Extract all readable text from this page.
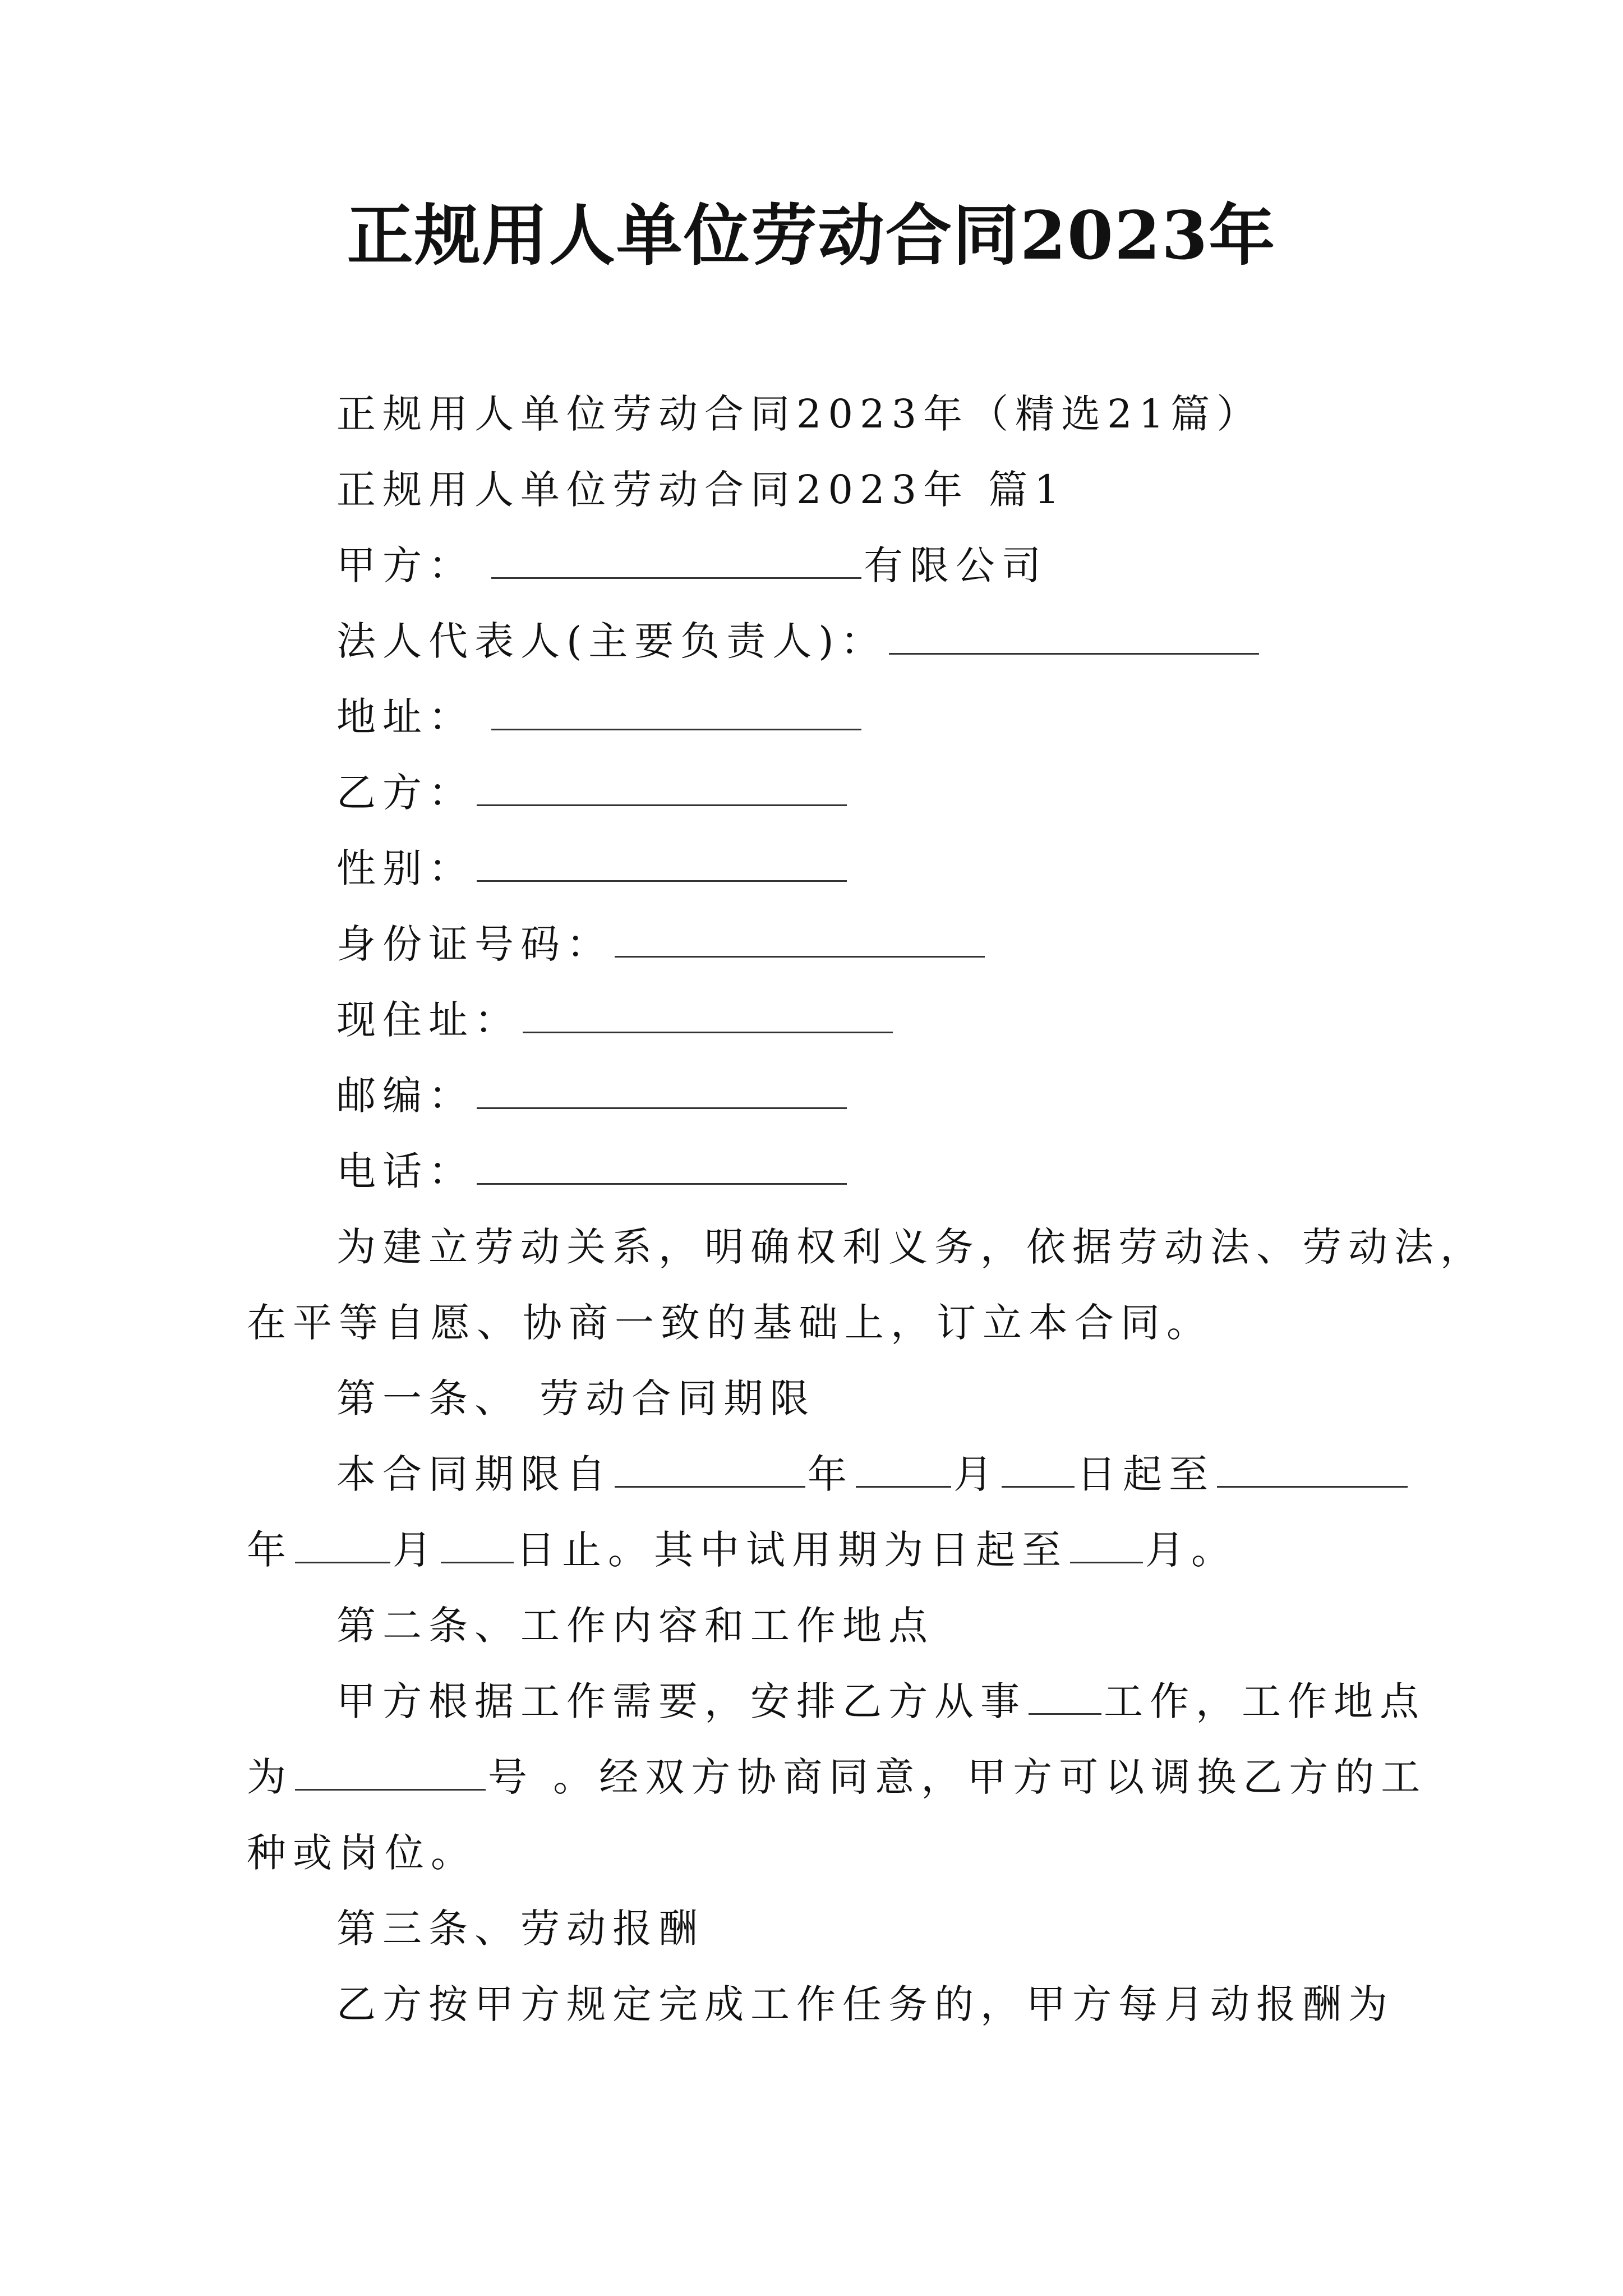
正规用人单位劳动合同2023年
正规用人单位劳动合同2023年（精选21篇）
正规用人单位劳动合同2023年 篇1
甲方：	有限公司
法人代表人(主要负责人)：
地址：
乙方：
性别：
身份证号码：
现住址：
邮编：
电话：
为建立劳动关系，明确权利义务，依据劳动法、劳动法，
在平等自愿、协商一致的基础上，订立本合同。
第一条、 劳动合同期限
本合同期限自	年	月 日起至
年	月 日止。其中试用期为日起至 月。
第二条、工作内容和工作地点
甲方根据工作需要，安排乙方从事 工作，工作地点
为	号 。经双方协商同意，甲方可以调换乙方的工
种或岗位。
第三条、劳动报酬
乙方按甲方规定完成工作任务的，甲方每月动报酬为
